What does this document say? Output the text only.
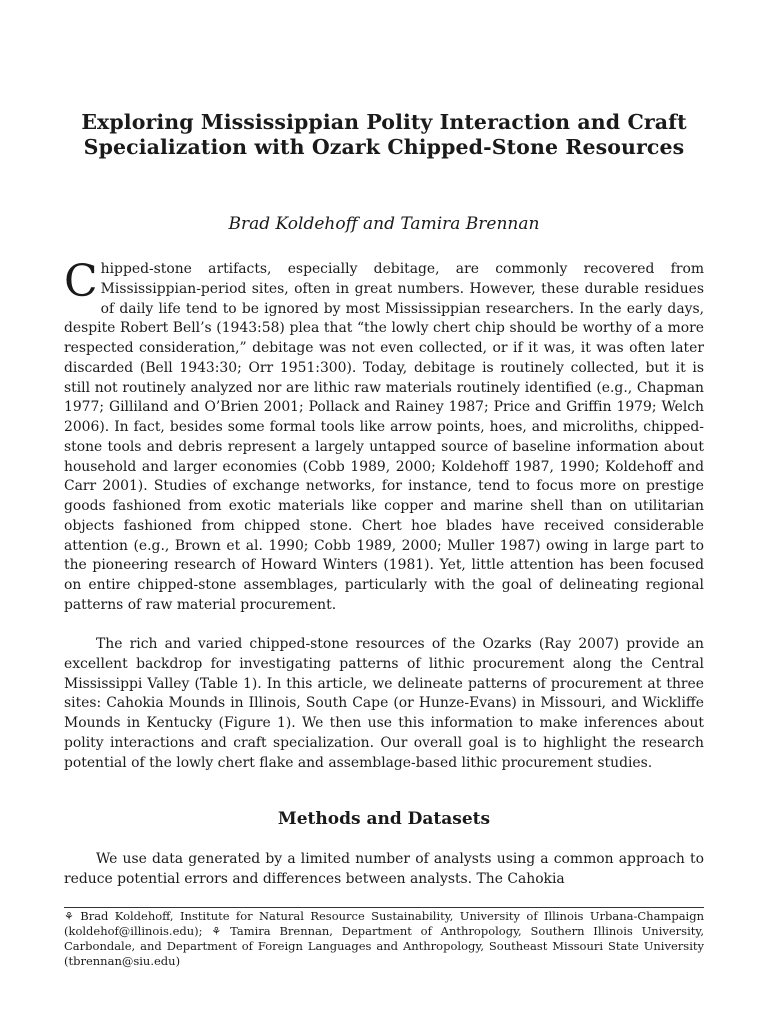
Exploring Mississippian Polity Interaction and Craft Specialization with Ozark Chipped-Stone Resources
Brad Koldehoff and Tamira Brennan

Chipped-stone artifacts, especially debitage, are commonly recovered from Mississippian-period sites, often in great numbers. However, these durable residues of daily life tend to be ignored by most Mississippian researchers. In the early days, despite Robert Bell’s (1943:58) plea that “the lowly chert chip should be worthy of a more respected consideration,” debitage was not even collected, or if it was, it was often later discarded (Bell 1943:30; Orr 1951:300). Today, debitage is routinely collected, but it is still not routinely analyzed nor are lithic raw materials routinely identified (e.g., Chapman 1977; Gilliland and O’Brien 2001; Pollack and Rainey 1987; Price and Griffin 1979; Welch 2006). In fact, besides some formal tools like arrow points, hoes, and microliths, chipped-stone tools and debris represent a largely untapped source of baseline information about household and larger economies (Cobb 1989, 2000; Koldehoff 1987, 1990; Koldehoff and Carr 2001). Studies of exchange networks, for instance, tend to focus more on prestige goods fashioned from exotic materials like copper and marine shell than on utilitarian objects fashioned from chipped stone. Chert hoe blades have received considerable attention (e.g., Brown et al. 1990; Cobb 1989, 2000; Muller 1987) owing in large part to the pioneering research of Howard Winters (1981). Yet, little attention has been focused on entire chipped-stone assemblages, particularly with the goal of delineating regional patterns of raw material procurement.

The rich and varied chipped-stone resources of the Ozarks (Ray 2007) provide an excellent backdrop for investigating patterns of lithic procurement along the Central Mississippi Valley (Table 1). In this article, we delineate patterns of procurement at three sites: Cahokia Mounds in Illinois, South Cape (or Hunze-Evans) in Missouri, and Wickliffe Mounds in Kentucky (Figure 1). We then use this information to make inferences about polity interactions and craft specialization. Our overall goal is to highlight the research potential of the lowly chert flake and assemblage-based lithic procurement studies.

Methods and Datasets

We use data generated by a limited number of analysts using a common approach to reduce potential errors and differences between analysts. The Cahokia

⚘ Brad Koldehoff, Institute for Natural Resource Sustainability, University of Illinois Urbana-Champaign (koldehof@illinois.edu); ⚘ Tamira Brennan, Department of Anthropology, Southern Illinois University, Carbondale, and Department of Foreign Languages and Anthropology, Southeast Missouri State University (tbrennan@siu.edu)
